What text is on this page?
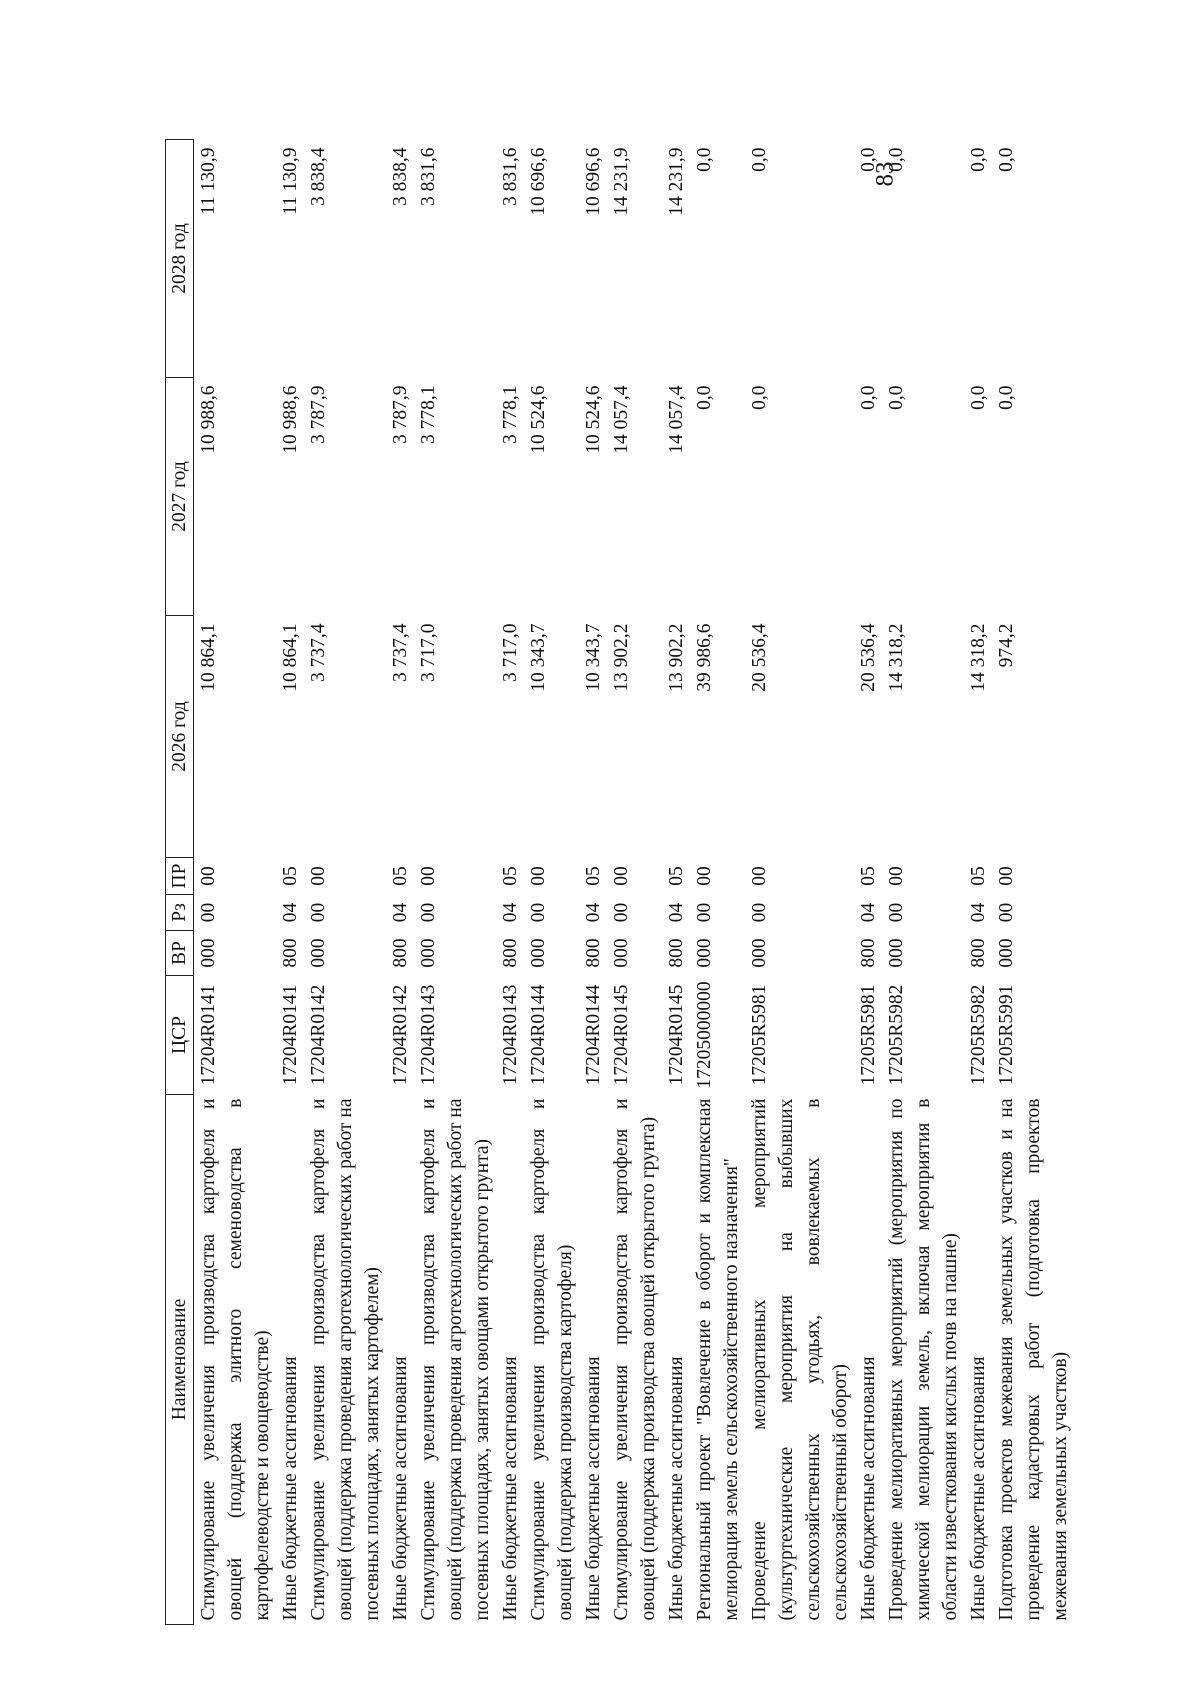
83
Наименование	ЦСР	ВР	Рз	ПР	2026 год	2027 год	2028 год
Стимулирование увеличения производства картофеля и овощей (поддержка элитного семеноводства в картофелеводстве и овощеводстве)	17204R0141	000	00	00	10 864,1	10 988,6	11 130,9
Иные бюджетные ассигнования	17204R0141	800	04	05	10 864,1	10 988,6	11 130,9
Стимулирование увеличения производства картофеля и овощей (поддержка проведения агротехнологических работ на посевных площадях, занятых картофелем)	17204R0142	000	00	00	3 737,4	3 787,9	3 838,4
Иные бюджетные ассигнования	17204R0142	800	04	05	3 737,4	3 787,9	3 838,4
Стимулирование увеличения производства картофеля и овощей (поддержка проведения агротехнологических работ на посевных площадях, занятых овощами открытого грунта)	17204R0143	000	00	00	3 717,0	3 778,1	3 831,6
Иные бюджетные ассигнования	17204R0143	800	04	05	3 717,0	3 778,1	3 831,6
Стимулирование увеличения производства картофеля и овощей (поддержка производства картофеля)	17204R0144	000	00	00	10 343,7	10 524,6	10 696,6
Иные бюджетные ассигнования	17204R0144	800	04	05	10 343,7	10 524,6	10 696,6
Стимулирование увеличения производства картофеля и овощей (поддержка производства овощей открытого грунта)	17204R0145	000	00	00	13 902,2	14 057,4	14 231,9
Иные бюджетные ассигнования	17204R0145	800	04	05	13 902,2	14 057,4	14 231,9
Региональный проект "Вовлечение в оборот и комплексная мелиорация земель сельскохозяйственного назначения"	17205000000	000	00	00	39 986,6	0,0	0,0
Проведение мелиоративных мероприятий (культуртехнические мероприятия на выбывших сельскохозяйственных угодьях, вовлекаемых в сельскохозяйственный оборот)	17205R5981	000	00	00	20 536,4	0,0	0,0
Иные бюджетные ассигнования	17205R5981	800	04	05	20 536,4	0,0	0,0
Проведение мелиоративных мероприятий (мероприятия по химической мелиорации земель, включая мероприятия в области известкования кислых почв на пашне)	17205R5982	000	00	00	14 318,2	0,0	0,0
Иные бюджетные ассигнования	17205R5982	800	04	05	14 318,2	0,0	0,0
Подготовка проектов межевания земельных участков и на проведение кадастровых работ (подготовка проектов межевания земельных участков)	17205R5991	000	00	00	974,2	0,0	0,0
